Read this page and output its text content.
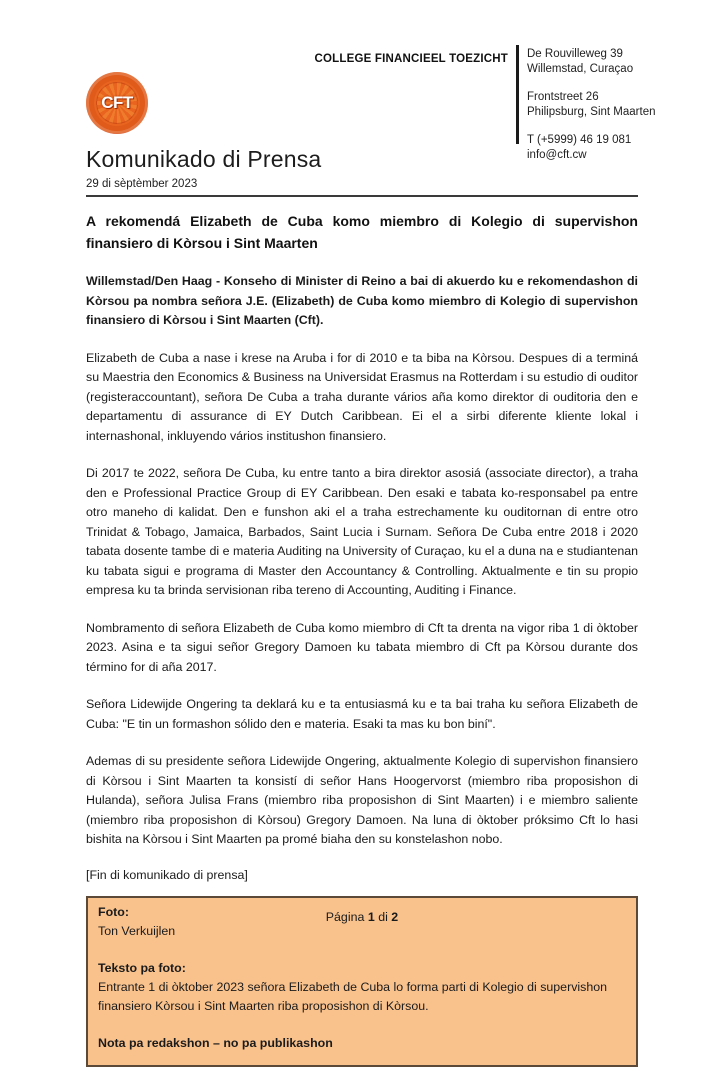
CFT
COLLEGE FINANCIEEL TOEZICHT De Rouvilleweg 39
Willemstad, Curaçao
Frontstreet 26
Philipsburg, Sint Maarten
T (+5999) 46 19 081
info@cft.cw
Komunikado di Prensa
29 di sèptèmber 2023
A rekomendá Elizabeth de Cuba komo miembro di Kolegio di supervishon finansiero di Kòrsou i Sint Maarten
Willemstad/Den Haag - Konseho di Minister di Reino a bai di akuerdo ku e rekomendashon di Kòrsou pa nombra señora J.E. (Elizabeth) de Cuba komo miembro di Kolegio di supervishon finansiero di Kòrsou i Sint Maarten (Cft).
Elizabeth de Cuba a nase i krese na Aruba i for di 2010 e ta biba na Kòrsou. Despues di a terminá su Maestria den Economics & Business na Universidat Erasmus na Rotterdam i su estudio di ouditor (registeraccountant), señora De Cuba a traha durante vários aña komo direktor di ouditoria den e departamentu di assurance di EY Dutch Caribbean. Ei el a sirbi diferente kliente lokal i internashonal, inkluyendo vários institushon finansiero.
Di 2017 te 2022, señora De Cuba, ku entre tanto a bira direktor asosiá (associate director), a traha den e Professional Practice Group di EY Caribbean. Den esaki e tabata ko-responsabel pa entre otro maneho di kalidat. Den e funshon aki el a traha estrechamente ku ouditornan di entre otro Trinidat & Tobago, Jamaica, Barbados, Saint Lucia i Surnam. Señora De Cuba entre 2018 i 2020 tabata dosente tambe di e materia Auditing na University of Curaçao, ku el a duna na e studiantenan ku tabata sigui e programa di Master den Accountancy & Controlling. Aktualmente e tin su propio empresa ku ta brinda servisionan riba tereno di Accounting, Auditing i Finance.
Nombramento di señora Elizabeth de Cuba komo miembro di Cft ta drenta na vigor riba 1 di òktober 2023. Asina e ta sigui señor Gregory Damoen ku tabata miembro di Cft pa Kòrsou durante dos término for di aña 2017.
Señora Lidewijde Ongering ta deklará ku e ta entusiasmá ku e ta bai traha ku señora Elizabeth de Cuba: "E tin un formashon sólido den e materia. Esaki ta mas ku bon biní".
Ademas di su presidente señora Lidewijde Ongering, aktualmente Kolegio di supervishon finansiero di Kòrsou i Sint Maarten ta konsistí di señor Hans Hoogervorst (miembro riba proposishon di Hulanda), señora Julisa Frans (miembro riba proposishon di Sint Maarten) i e miembro saliente (miembro riba proposishon di Kòrsou) Gregory Damoen. Na luna di òktober próksimo Cft lo hasi bishita na Kòrsou i Sint Maarten pa promé biaha den su konstelashon nobo.
[Fin di komunikado di prensa]
Foto:
Ton Verkuijlen
Teksto pa foto:
Entrante 1 di òktober 2023 señora Elizabeth de Cuba lo forma parti di Kolegio di supervishon finansiero Kòrsou i Sint Maarten riba proposishon di Kòrsou.
Nota pa redakshon – no pa publikashon
Página 1 di 2
